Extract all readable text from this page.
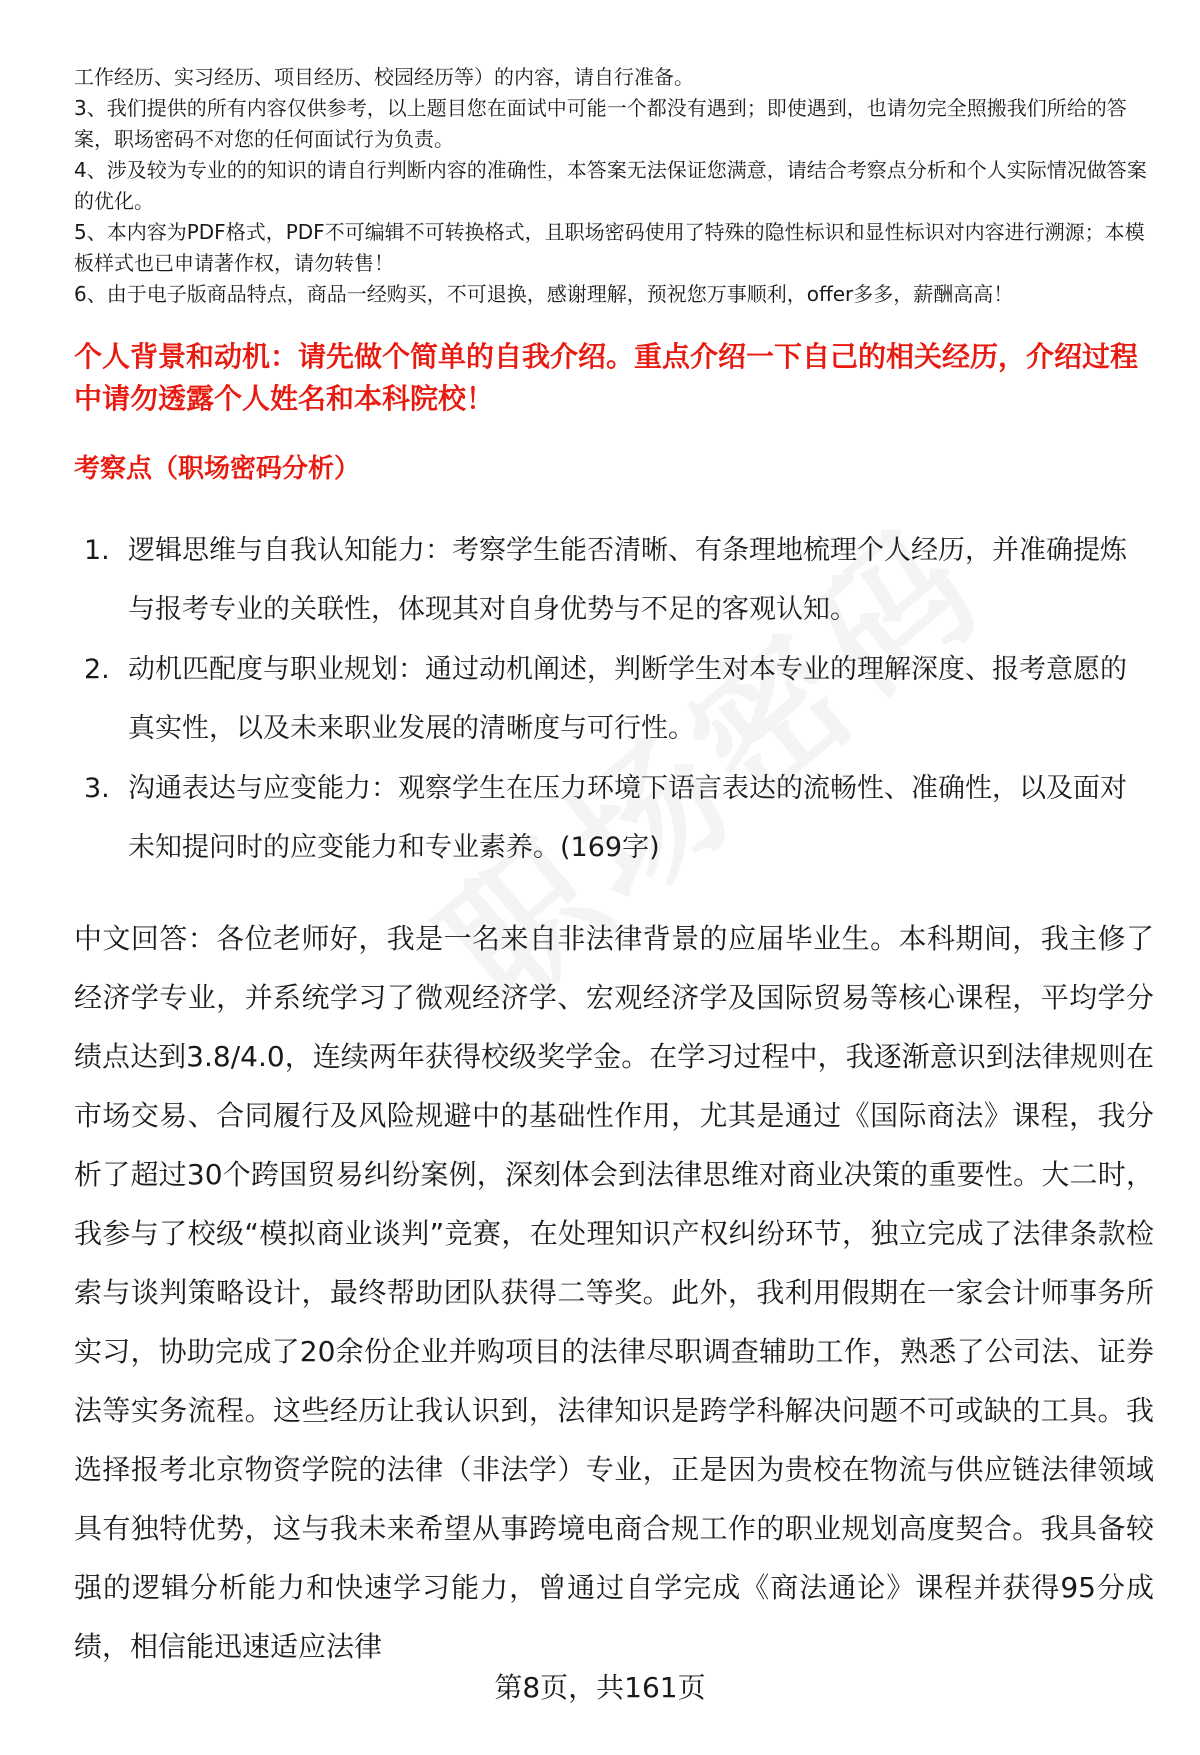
工作经历、实习经历、项目经历、校园经历等）的内容，请自行准备。

3、我们提供的所有内容仅供参考，以上题目您在面试中可能一个都没有遇到；即使遇到，也请勿完全照搬我们所给的答案，职场密码不对您的任何面试行为负责。

4、涉及较为专业的的知识的请自行判断内容的准确性，本答案无法保证您满意，请结合考察点分析和个人实际情况做答案的优化。

5、本内容为PDF格式，PDF不可编辑不可转换格式，且职场密码使用了特殊的隐性标识和显性标识对内容进行溯源；本模板样式也已申请著作权，请勿转售！

6、由于电子版商品特点，商品一经购买，不可退换，感谢理解，预祝您万事顺利，offer多多，薪酬高高！

个人背景和动机：请先做个简单的自我介绍。重点介绍一下自己的相关经历，介绍过程中请勿透露个人姓名和本科院校！

考察点（职场密码分析）

1. 逻辑思维与自我认知能力：考察学生能否清晰、有条理地梳理个人经历，并准确提炼与报考专业的关联性，体现其对自身优势与不足的客观认知。
2. 动机匹配度与职业规划：通过动机阐述，判断学生对本专业的理解深度、报考意愿的真实性，以及未来职业发展的清晰度与可行性。
3. 沟通表达与应变能力：观察学生在压力环境下语言表达的流畅性、准确性，以及面对未知提问时的应变能力和专业素养。(169字)

中文回答：各位老师好，我是一名来自非法律背景的应届毕业生。本科期间，我主修了经济学专业，并系统学习了微观经济学、宏观经济学及国际贸易等核心课程，平均学分绩点达到3.8/4.0，连续两年获得校级奖学金。在学习过程中，我逐渐意识到法律规则在市场交易、合同履行及风险规避中的基础性作用，尤其是通过《国际商法》课程，我分析了超过30个跨国贸易纠纷案例，深刻体会到法律思维对商业决策的重要性。大二时，我参与了校级“模拟商业谈判”竞赛，在处理知识产权纠纷环节，独立完成了法律条款检索与谈判策略设计，最终帮助团队获得二等奖。此外，我利用假期在一家会计师事务所实习，协助完成了20余份企业并购项目的法律尽职调查辅助工作，熟悉了公司法、证券法等实务流程。这些经历让我认识到，法律知识是跨学科解决问题不可或缺的工具。我选择报考北京物资学院的法律（非法学）专业，正是因为贵校在物流与供应链法律领域具有独特优势，这与我未来希望从事跨境电商合规工作的职业规划高度契合。我具备较强的逻辑分析能力和快速学习能力，曾通过自学完成《商法通论》课程并获得95分成绩，相信能迅速适应法律

第8页，共161页
